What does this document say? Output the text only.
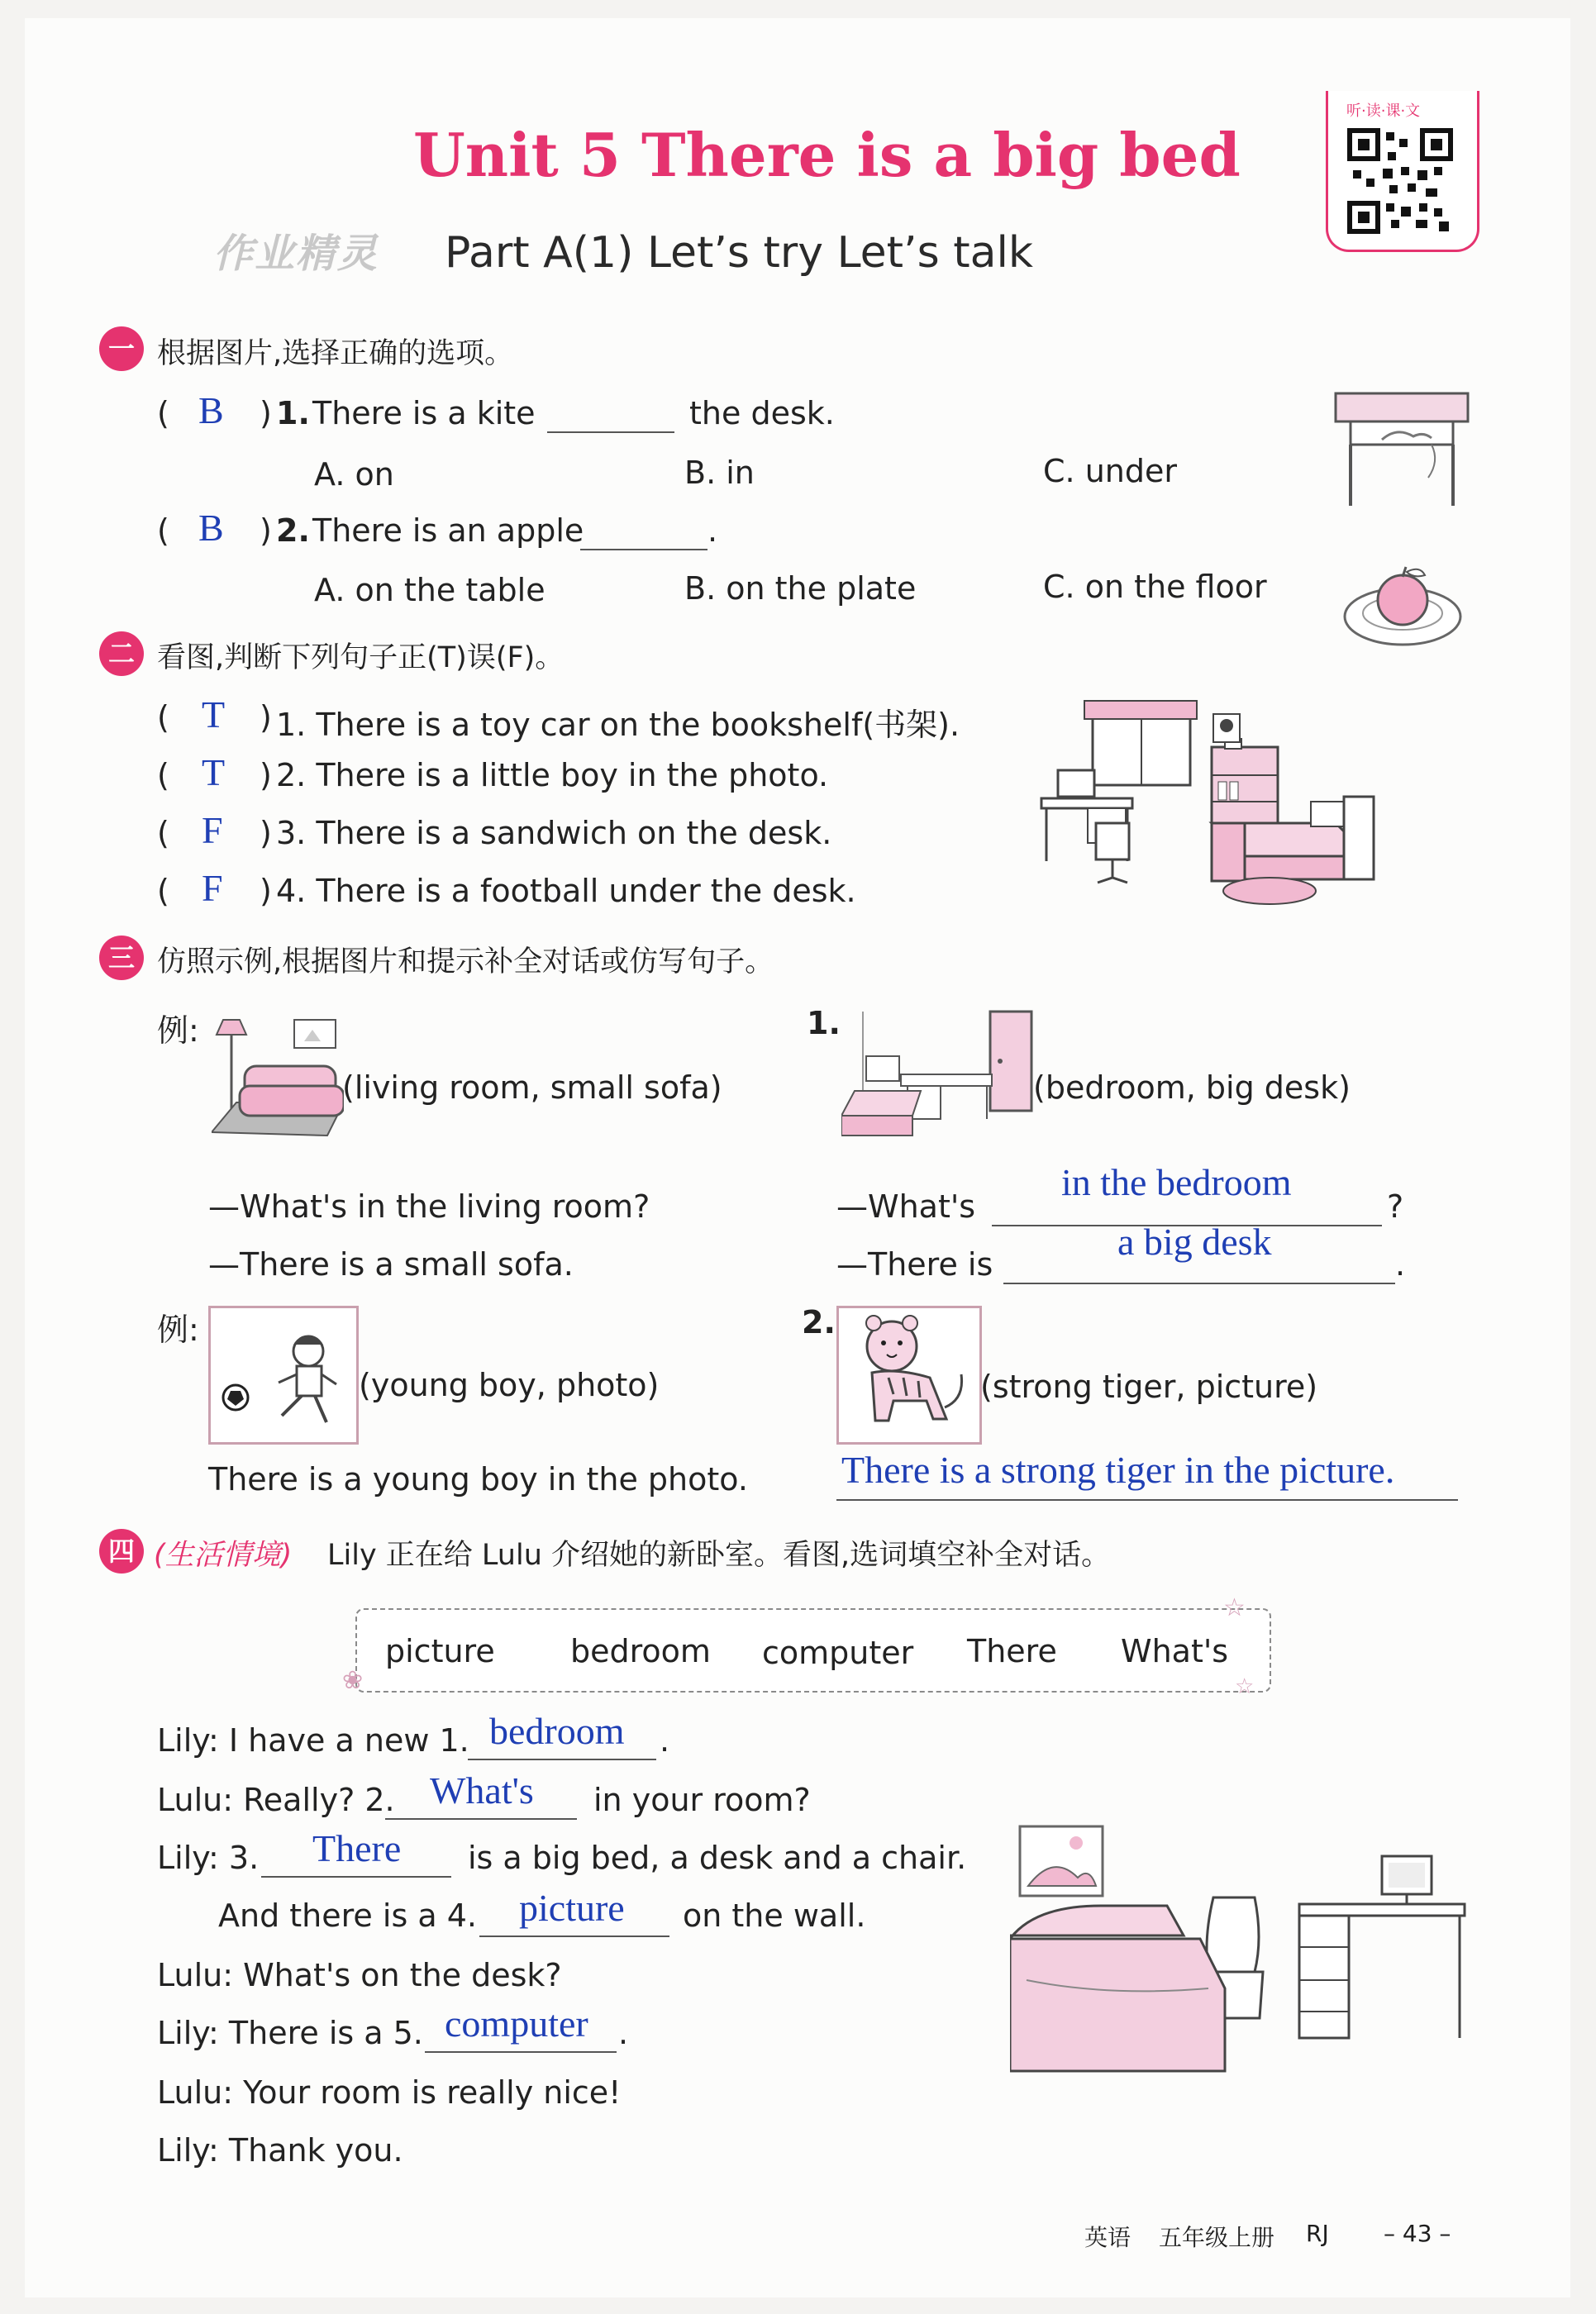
Unit 5 There is a big bed
作业精灵 Part A(1) Let’s try Let’s talk
听·读·课·文
一 根据图片,选择正确的选项。
( B ) 1. There is a kite	the desk.
A. on	B. in	C. under
( B ) 2. There is an apple	.
A. on the table	B. on the plate	C. on the floor
二 看图,判断下列句子正(T)误(F)。
( T ) 1. There is a toy car on the bookshelf(书架).
( T ) 2. There is a little boy in the photo.
( F ) 3. There is a sandwich on the desk.
( F ) 4. There is a football under the desk.
三 仿照示例,根据图片和提示补全对话或仿写句子。
例:
(living room, small sofa)
—What's in the living room?
—There is a small sofa.
1.
(bedroom, big desk)
—What's
in the bedroom
?
—There is
a big desk
.
例:
(young boy, photo)
There is a young boy in the photo.
2.
(strong tiger, picture)
There is a strong tiger in the picture.
四 (生活情境) Lily 正在给 Lulu 介绍她的新卧室。看图,选词填空补全对话。
picture bedroom computer There What's
☆
☆
❀
Lily: I have a new 1. bedroom .
Lulu: Really? 2. What's in your room?
Lily: 3. There is a big bed, a desk and a chair.
And there is a 4. picture on the wall.
Lulu: What's on the desk?
Lily: There is a 5. computer .
Lulu: Your room is really nice!
Lily: Thank you.
英语 五年级上册 RJ – 43 –
